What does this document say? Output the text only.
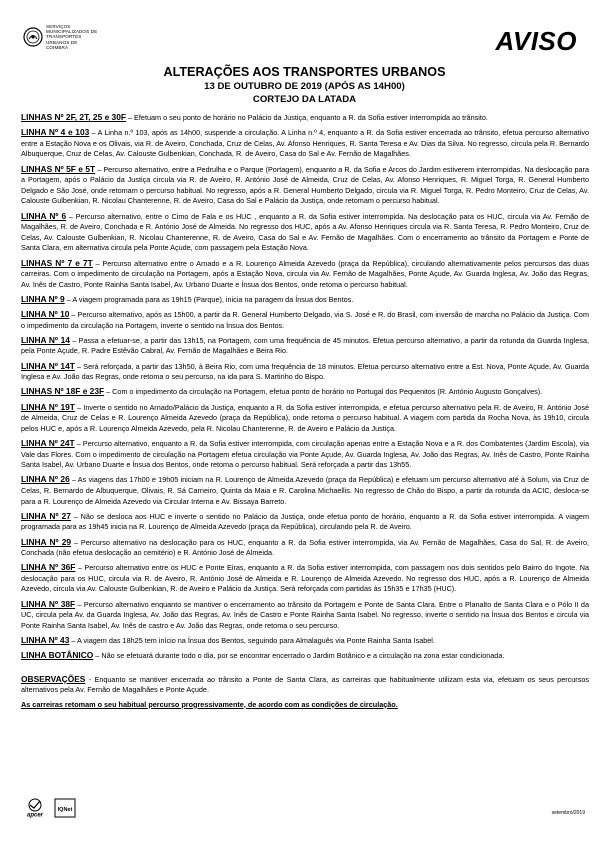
SERVIÇOS
MUNICIPALIZADOS DE
TRANSPORTES
URBANOS DE
COIMBRA	AVISO
ALTERAÇÕES AOS TRANSPORTES URBANOS
13 DE OUTUBRO DE 2019 (APÓS AS 14H00)
CORTEJO DA LATADA

LINHAS Nº 2F, 2T, 25 e 30F – Efetuam o seu ponto de horário no Palácio da Justiça, enquanto a R. da Sofia estiver interrompida ao trânsito.

LINHA Nº 4 e 103 – A Linha n.º 103, após as 14h00, suspende a circulação. A Linha n.º 4, enquanto a R. da Sofia estiver encerrada ao trânsito, efetua percurso alternativo entre a Estação Nova e os Olivais, via R. de Aveiro, Conchada, Cruz de Celas, Av. Afonso Henriques, R. Santa Teresa e Av. Dias da Silva. No regresso, circula pela R. Bernardo Albuquerque, Cruz de Celas, Av. Calouste Gulbenkian, Conchada, R. de Aveiro, Casa do Sal e Av. Fernão de Magalhães.

LINHAS Nº 5F e 5T – Percurso alternativo, entre a Pedrulha e o Parque (Portagem), enquanto a R. da Sofia e Arcos do Jardim estiverem interrompidas. Na deslocação para a Portagem, após o Palácio da Justiça circula via R. de Aveiro, R. António José de Almeida, Cruz de Celas, Av. Afonso Henriques, R. Miguel Torga, R. General Humberto Delgado e São José, onde retomam o percurso habitual. No regresso, após a R. General Humberto Delgado, circula via R. Miguel Torga, R. Pedro Monteiro, Cruz de Celas, Av. Calouste Gulbenkian, R. Nicolau Chanterenne, R. de Aveiro, Casa do Sal e Palácio da Justiça, onde retomam o percurso habitual.

LINHA Nº 6 – Percurso alternativo, entre o Cimo de Fala e os HUC , enquanto a R. da Sofia estiver interrompida. Na deslocação para os HUC, circula via Av. Fernão de Magalhães, R. de Aveiro, Conchada e R. António José de Almeida. No regresso dos HUC, após a Av. Afonso Henriques circula via R. Santa Teresa, R. Pedro Monteiro, Cruz de Celas, Av. Calouste Gulbenkian, R. Nicolau Chanterenne, R. de Aveiro, Casa do Sal e Av. Fernão de Magalhães. Com o encerramento ao trânsito da Portagem e Ponte de Santa Clara, em alternativa circula pela Ponte Açude, com passagem pela Estação Nova.

LINHAS Nº 7 e 7T – Percurso alternativo entre o Arnado e a R. Lourenço Almeida Azevedo (praça da República), circulando alternativamente pelos percursos das duas carreiras. Com o impedimento de circulação na Portagem, após a Estação Nova, circula via Av. Fernão de Magalhães, Ponte Açude, Av. Guarda Inglesa, Av. João das Regras, Av. Inês de Castro, Ponte Rainha Santa Isabel, Av. Urbano Duarte e Ínsua dos Bentos, onde retoma o percurso habitual.

LINHA Nº 9 – A viagem programada para as 19h15 (Parque), inicia na paragem da Ínsua dos Bentos.

LINHA Nº 10 – Percurso alternativo, após as 15h00, a partir da R. General Humberto Delgado, via S. José e R. do Brasil, com inversão de marcha no Palácio da Justiça. Com o impedimento da circulação na Portagem, inverte o sentido na Ínsua dos Bentos.

LINHA Nº 14 – Passa a efetuar-se, a partir das 13h15, na Portagem, com uma frequência de 45 minutos. Efetua percurso alternativo, a partir da rotunda da Guarda Inglesa, pela Ponte Açude, R. Padre Estêvão Cabral, Av. Fernão de Magalhães e Beira Rio.

LINHA Nº 14T – Será reforçada, a partir das 13h50, à Beira Rio, com uma frequência de 18 minutos. Efetua percurso alternativo entre a Est. Nova, Ponte Açude, Av. Guarda Inglesa e Av. João das Regras, onde retoma o seu percurso, na ida para S. Martinho do Bispo.

LINHAS Nº 18F e 23F – Com o impedimento da circulação na Portagem, efetua ponto de horário no Portugal dos Pequenitos (R. António Augusto Gonçalves).

LINHA Nº 19T – Inverte o sentido no Arnado/Palácio da Justiça, enquanto a R. da Sofia estiver interrompida, e efetua percurso alternativo pela R. de Aveiro, R. António José de Almeida, Cruz de Celas e R. Lourenço Almeida Azevedo (praça da República), onde retoma o percurso habitual. A viagem com partida da Rocha Nova, às 19h10, circula pelos HUC e, após a R. Lourenço Almeida Azevedo, pela R. Nicolau Chanterenne, R. de Aveiro e Palácio da Justiça.

LINHA Nº 24T – Percurso alternativo, enquanto a R. da Sofia estiver interrompida, com circulação apenas entre a Estação Nova e a R. dos Combatentes (Jardim Escola), via Vale das Flores. Com o impedimento de circulação na Portagem efetua circulação via Ponte Açude, Av. Guarda Inglesa, Av. João das Regras, Av. Inês de Castro, Ponte Rainha Santa Isabel, Av. Urbano Duarte e Ínsua dos Bentos, onde retoma o percurso habitual. Será reforçada a partir das 13h55.

LINHA Nº 26 – As viagens das 17h00 e 19h05 iniciam na R. Lourenço de Almeida Azevedo (praça da República) e efetuam um percurso alternativo até à Solum, via Cruz de Celas, R. Bernardo de Albuquerque, Olivais, R. Sá Carneiro, Quinta da Maia e R. Carolina Michaellis. No regresso de Chão do Bispo, a partir da rotunda da ACIC, desloca-se para a R. Lourenço de Almeida Azevedo via Circular Interna e Av. Bissaya Barreto.

LINHA Nº 27 – Não se desloca aos HUC e inverte o sentido no Palácio da Justiça, onde efetua ponto de horário, enquanto a R. da Sofia estiver interrompida. A viagem programada para as 19h45 inicia na R. Lourenço de Almeida Azevedo (praça da República), circulando pela R. de Aveiro.

LINHA Nº 29 – Percurso alternativo na deslocação para os HUC, enquanto a R. da Sofia estiver interrompida, via Av. Fernão de Magalhães, Casa do Sal, R. de Aveiro, Conchada (não efetua deslocação ao cemitério) e R. António José de Almeida.

LINHA Nº 36F – Percurso alternativo entre os HUC e Ponte Eiras, enquanto a R. da Sofia estiver interrompida, com passagem nos dois sentidos pelo Bairro do Ingote. Na deslocação para os HUC, circula via R. de Aveiro, R. António José de Almeida e R. Lourenço de Almeida Azevedo. No regresso dos HUC, após a R. Lourenço de Almeida Azevedo, circula via Av. Calouste Gulbenkian, R. de Aveiro e Palácio da Justiça. Será reforçada com partidas às 15h35 e 17h35 (HUC).

LINHA Nº 38F – Percurso alternativo enquanto se mantiver o encerramento ao trânsito da Portagem e Ponte de Santa Clara. Entre o Planalto de Santa Clara e o Pólo II da UC, circula pela Av. da Guarda Inglesa, Av. João das Regras, Av. Inês de Castro e Ponte Rainha Santa Isabel. No regresso, inverte o sentido na Ínsua dos Bentos e circula via Ponte Rainha Santa Isabel, Av. Inês de castro e Av. João das Regras, onde retoma o seu percurso.

LINHA Nº 43 – A viagem das 18h25 tem início na Ínsua dos Bentos, seguindo para Almalaguês via Ponte Rainha Santa Isabel.

LINHA BOTÂNICO – Não se efetuará durante todo o dia, por se encontrar encerrado o Jardim Botânico e a circulação na zona estar condicionada.

OBSERVAÇÕES - Enquanto se mantiver encerrada ao trânsito a Ponte de Santa Clara, as carreiras que habitualmente utilizam esta via, efetuam os seus percursos alternativos pela Av. Fernão de Magalhães e Ponte Açude.

As carreiras retomam o seu habitual percurso progressivamente, de acordo com as condições de circulação.

apcer
IQNet	setembro/2019
